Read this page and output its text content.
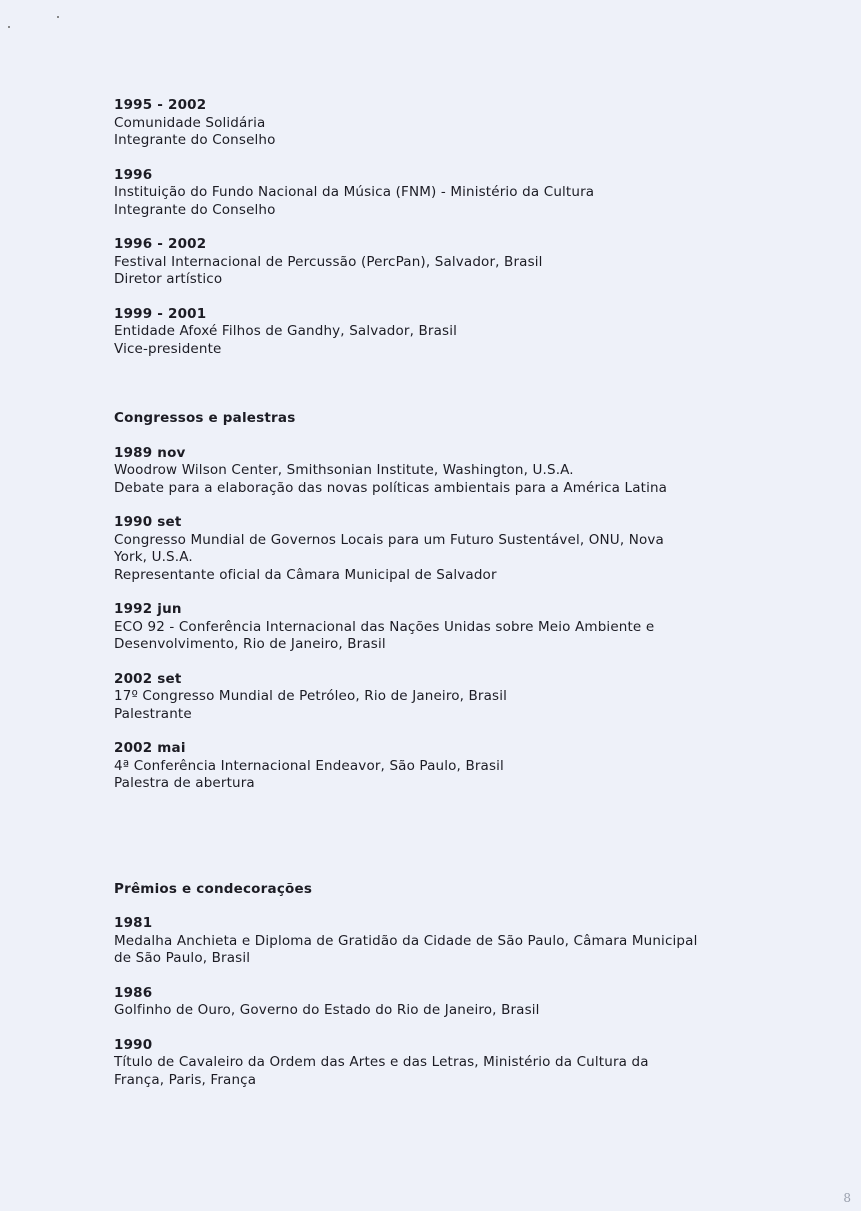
1995 - 2002
Comunidade Solidária
Integrante do Conselho
1996
Instituição do Fundo Nacional da Música (FNM) - Ministério da Cultura
Integrante do Conselho
1996 - 2002
Festival Internacional de Percussão (PercPan), Salvador, Brasil
Diretor artístico
1999 - 2001
Entidade Afoxé Filhos de Gandhy, Salvador, Brasil
Vice-presidente
Congressos e palestras
1989 nov
Woodrow Wilson Center, Smithsonian Institute, Washington, U.S.A.
Debate para a elaboração das novas políticas ambientais para a América Latina
1990 set
Congresso Mundial de Governos Locais para um Futuro Sustentável, ONU, Nova
York, U.S.A.
Representante oficial da Câmara Municipal de Salvador
1992 jun
ECO 92 - Conferência Internacional das Nações Unidas sobre Meio Ambiente e
Desenvolvimento, Rio de Janeiro, Brasil
2002 set
17º Congresso Mundial de Petróleo, Rio de Janeiro, Brasil
Palestrante
2002 mai
4ª Conferência Internacional Endeavor, São Paulo, Brasil
Palestra de abertura
Prêmios e condecorações
1981
Medalha Anchieta e Diploma de Gratidão da Cidade de São Paulo, Câmara Municipal
de São Paulo, Brasil
1986
Golfinho de Ouro, Governo do Estado do Rio de Janeiro, Brasil
1990
Título de Cavaleiro da Ordem das Artes e das Letras, Ministério da Cultura da
França, Paris, França
8
